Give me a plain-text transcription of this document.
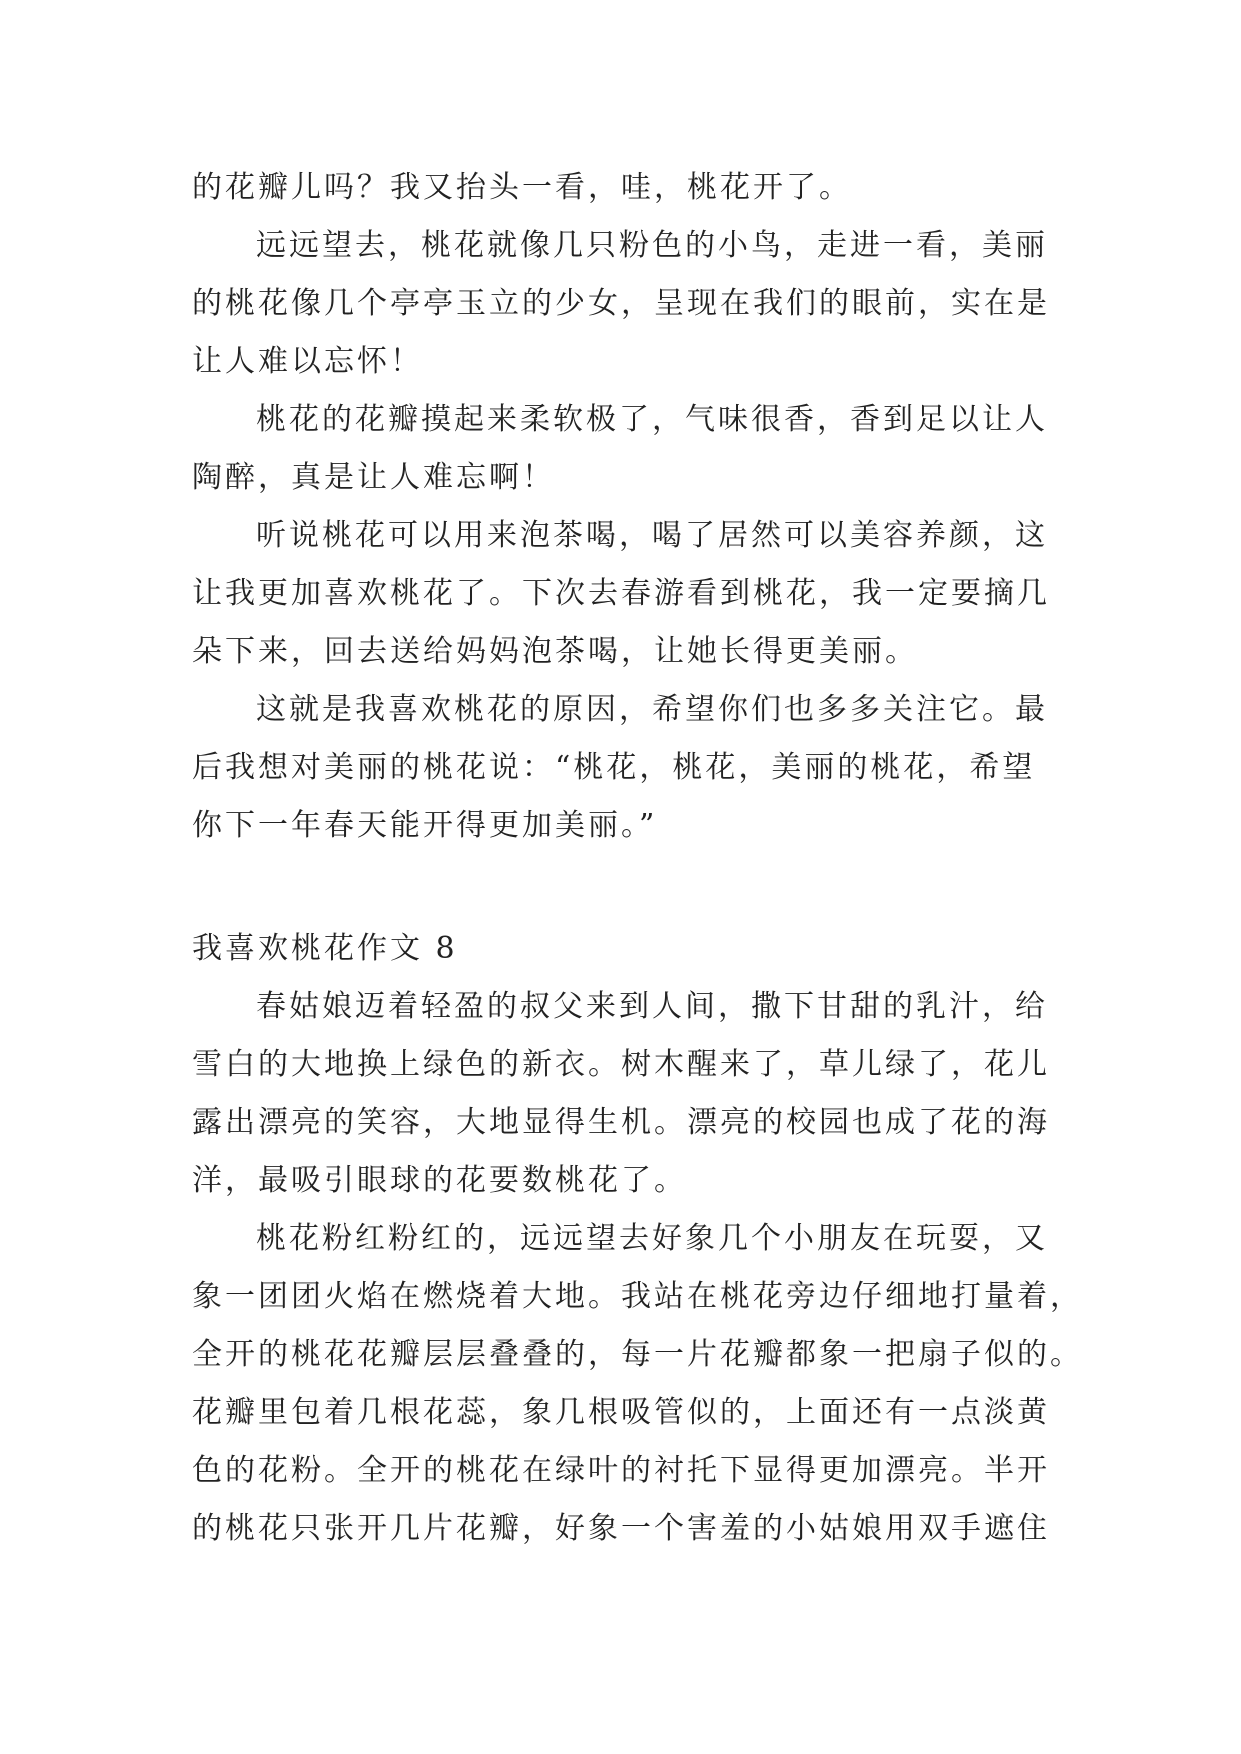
的花瓣儿吗？我又抬头一看，哇，桃花开了。
远远望去，桃花就像几只粉色的小鸟，走进一看，美丽
的桃花像几个亭亭玉立的少女，呈现在我们的眼前，实在是
让人难以忘怀！
桃花的花瓣摸起来柔软极了，气味很香，香到足以让人
陶醉，真是让人难忘啊！
听说桃花可以用来泡茶喝，喝了居然可以美容养颜，这
让我更加喜欢桃花了。下次去春游看到桃花，我一定要摘几
朵下来，回去送给妈妈泡茶喝，让她长得更美丽。
这就是我喜欢桃花的原因，希望你们也多多关注它。最
后我想对美丽的桃花说：“桃花，桃花，美丽的桃花，希望
你下一年春天能开得更加美丽。”
我喜欢桃花作文 8
春姑娘迈着轻盈的叔父来到人间，撒下甘甜的乳汁，给
雪白的大地换上绿色的新衣。树木醒来了，草儿绿了，花儿
露出漂亮的笑容，大地显得生机。漂亮的校园也成了花的海
洋，最吸引眼球的花要数桃花了。
桃花粉红粉红的，远远望去好象几个小朋友在玩耍，又
象一团团火焰在燃烧着大地。我站在桃花旁边仔细地打量着，
全开的桃花花瓣层层叠叠的，每一片花瓣都象一把扇子似的。
花瓣里包着几根花蕊，象几根吸管似的，上面还有一点淡黄
色的花粉。全开的桃花在绿叶的衬托下显得更加漂亮。半开
的桃花只张开几片花瓣，好象一个害羞的小姑娘用双手遮住
